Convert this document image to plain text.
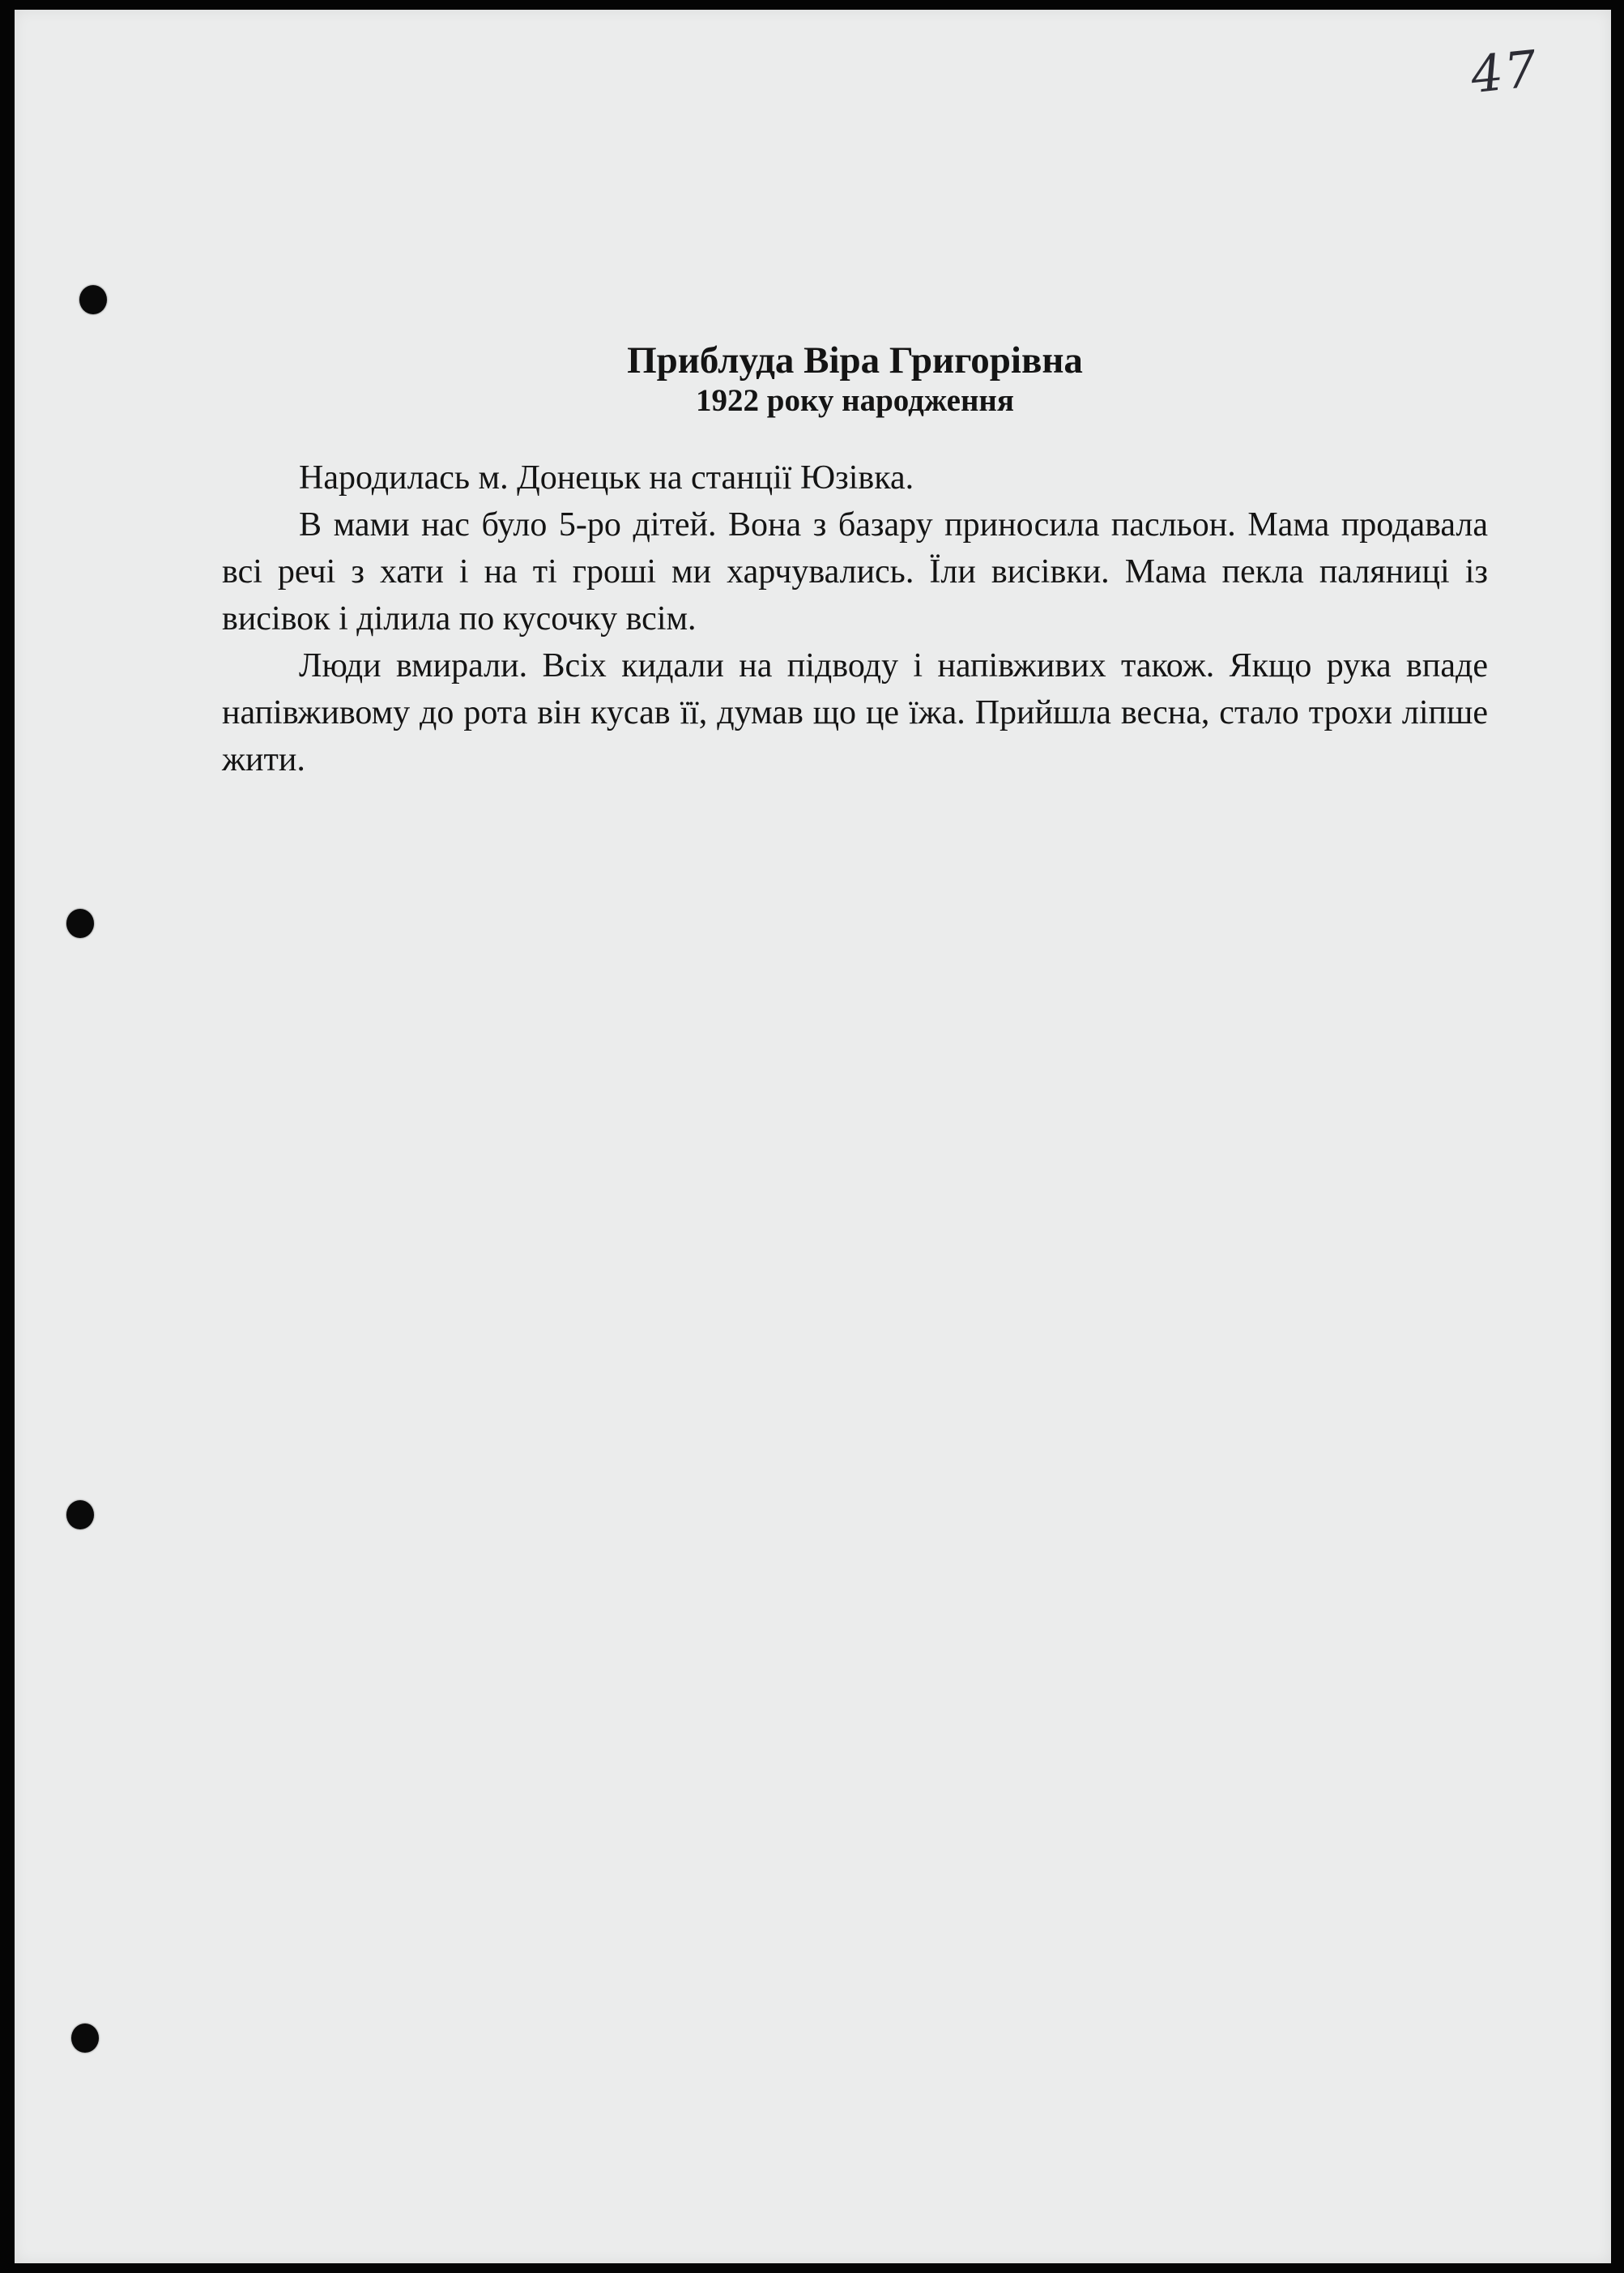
47
Приблуда Віра Григорівна
1922 року народження

Народилась м. Донецьк на станції Юзівка.

В мами нас було 5-ро дітей. Вона з базару приносила пасльон. Мама продавала всі речі з хати і на ті гроші ми харчувались. Їли висівки. Мама пекла паляниці із висівок і ділила по кусочку всім.

Люди вмирали. Всіх кидали на підводу і напівживих також. Якщо рука впаде напівживому до рота він кусав її, думав що це їжа. Прийшла весна, стало трохи ліпше жити.
